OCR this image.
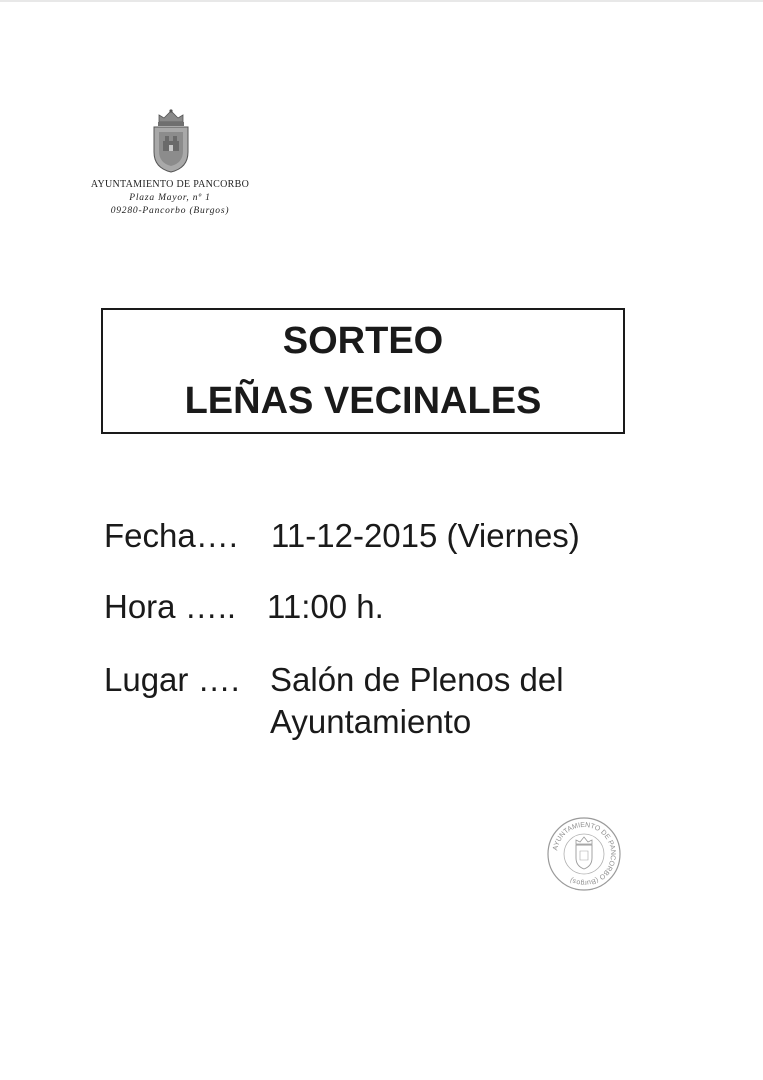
AYUNTAMIENTO DE PANCORBO
Plaza Mayor, nº 1
09280-Pancorbo (Burgos)
SORTEO
LEÑAS VECINALES
Fecha…. 11-12-2015 (Viernes)
Hora ….. 11:00 h.
Lugar …. Salón de Plenos del
Ayuntamiento
AYUNTAMIENTO DE PANCORBO (Burgos)
